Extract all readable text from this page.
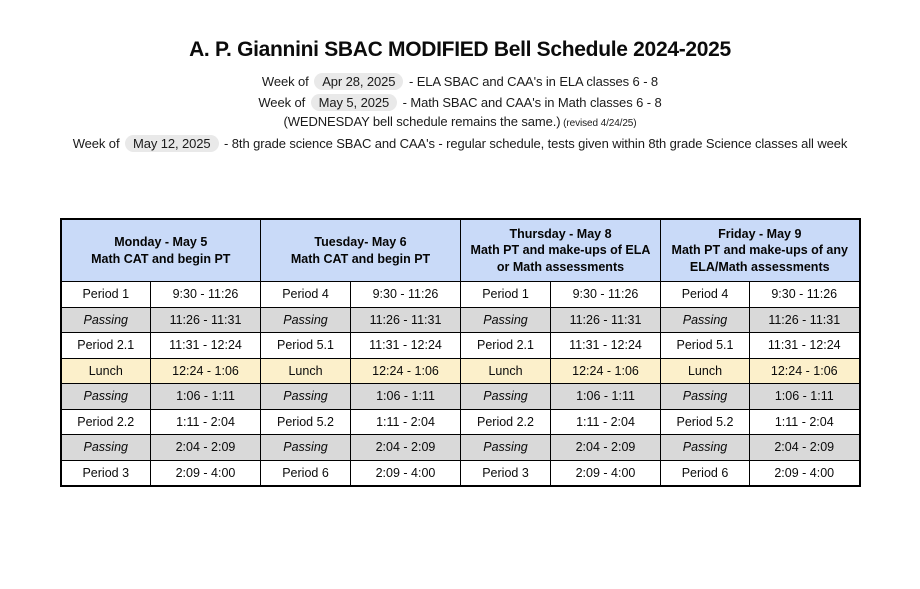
A. P. Giannini SBAC MODIFIED Bell Schedule 2024-2025
Week of Apr 28, 2025 - ELA SBAC and CAA's in ELA classes 6 - 8
Week of May 5, 2025 - Math SBAC and CAA's in Math classes 6 - 8
(WEDNESDAY bell schedule remains the same.) (revised 4/24/25)
Week of May 12, 2025 - 8th grade science SBAC and CAA's - regular schedule, tests given within 8th grade Science classes all week
Monday - May 5
Math CAT and begin PT		Tuesday- May 6
Math CAT and begin PT		Thursday - May 8
Math PT and make-ups of ELA or Math assessments		Friday - May 9
Math PT and make-ups of any ELA/Math assessments	

Period 1	9:30 - 11:26	Period 4	9:30 - 11:26	Period 1	9:30 - 11:26	Period 4	9:30 - 11:26
Passing	11:26 - 11:31	Passing	11:26 - 11:31	Passing	11:26 - 11:31	Passing	11:26 - 11:31
Period 2.1	11:31 - 12:24	Period 5.1	11:31 - 12:24	Period 2.1	11:31 - 12:24	Period 5.1	11:31 - 12:24
Lunch	12:24 - 1:06	Lunch	12:24 - 1:06	Lunch	12:24 - 1:06	Lunch	12:24 - 1:06
Passing	1:06 - 1:11	Passing	1:06 - 1:11	Passing	1:06 - 1:11	Passing	1:06 - 1:11
Period 2.2	1:11 - 2:04	Period 5.2	1:11 - 2:04	Period 2.2	1:11 - 2:04	Period 5.2	1:11 - 2:04
Passing	2:04 - 2:09	Passing	2:04 - 2:09	Passing	2:04 - 2:09	Passing	2:04 - 2:09
Period 3	2:09 - 4:00	Period 6	2:09 - 4:00	Period 3	2:09 - 4:00	Period 6	2:09 - 4:00
